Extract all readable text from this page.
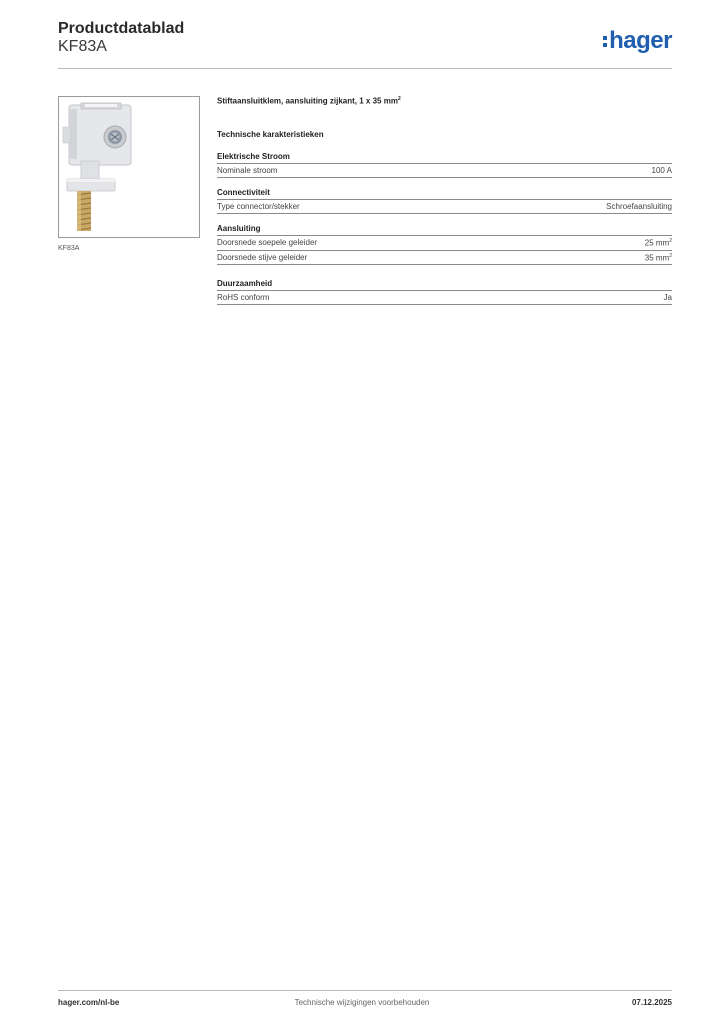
Productdatablad
KF83A	hager
KF83A
Stiftaansluitklem, aansluiting zijkant, 1 x 35 $mm^2$
Technische karakteristieken
Elektrische Stroom
Nominale stroom	100 A
Connectiviteit
Type connector/stekker	Schroefaansluiting
Aansluiting
Doorsnede soepele geleider	25 $mm^2$
Doorsnede stijve geleider	35 $mm^2$
Duurzaamheid
RoHS conform	Ja
hager.com/nl-be	Technische wijzigingen voorbehouden	07.12.2025
